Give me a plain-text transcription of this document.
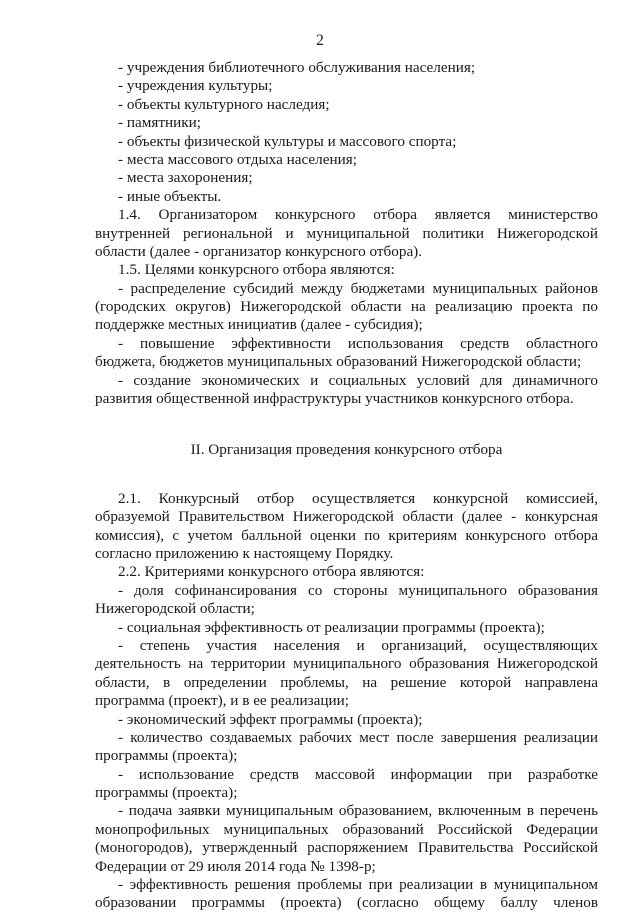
2
- учреждения библиотечного обслуживания населения;
- учреждения культуры;
- объекты культурного наследия;
- памятники;
- объекты физической культуры и массового спорта;
- места массового отдыха населения;
- места захоронения;
- иные объекты.
1.4. Организатором конкурсного отбора является министерство
внутренней региональной и муниципальной политики Нижегородской
области (далее - организатор конкурсного отбора).
1.5. Целями конкурсного отбора являются:
- распределение субсидий между бюджетами муниципальных районов
(городских округов) Нижегородской области на реализацию проекта по
поддержке местных инициатив (далее - субсидия);
- повышение эффективности использования средств областного
бюджета, бюджетов муниципальных образований Нижегородской области;
- создание экономических и социальных условий для динамичного
развития общественной инфраструктуры участников конкурсного отбора.
II. Организация проведения конкурсного отбора
2.1. Конкурсный отбор осуществляется конкурсной комиссией,
образуемой Правительством Нижегородской области (далее - конкурсная
комиссия), с учетом балльной оценки по критериям конкурсного отбора
согласно приложению к настоящему Порядку.
2.2. Критериями конкурсного отбора являются:
- доля софинансирования со стороны муниципального образования
Нижегородской области;
- социальная эффективность от реализации программы (проекта);
- степень участия населения и организаций, осуществляющих
деятельность на территории муниципального образования Нижегородской
области, в определении проблемы, на решение которой направлена
программа (проект), и в ее реализации;
- экономический эффект программы (проекта);
- количество создаваемых рабочих мест после завершения реализации
программы (проекта);
- использование средств массовой информации при разработке
программы (проекта);
- подача заявки муниципальным образованием, включенным в перечень
монопрофильных муниципальных образований Российской Федерации
(моногородов), утвержденный распоряжением Правительства Российской
Федерации от 29 июля 2014 года № 1398-р;
- эффективность решения проблемы при реализации в муниципальном
образовании программы (проекта) (согласно общему баллу членов
